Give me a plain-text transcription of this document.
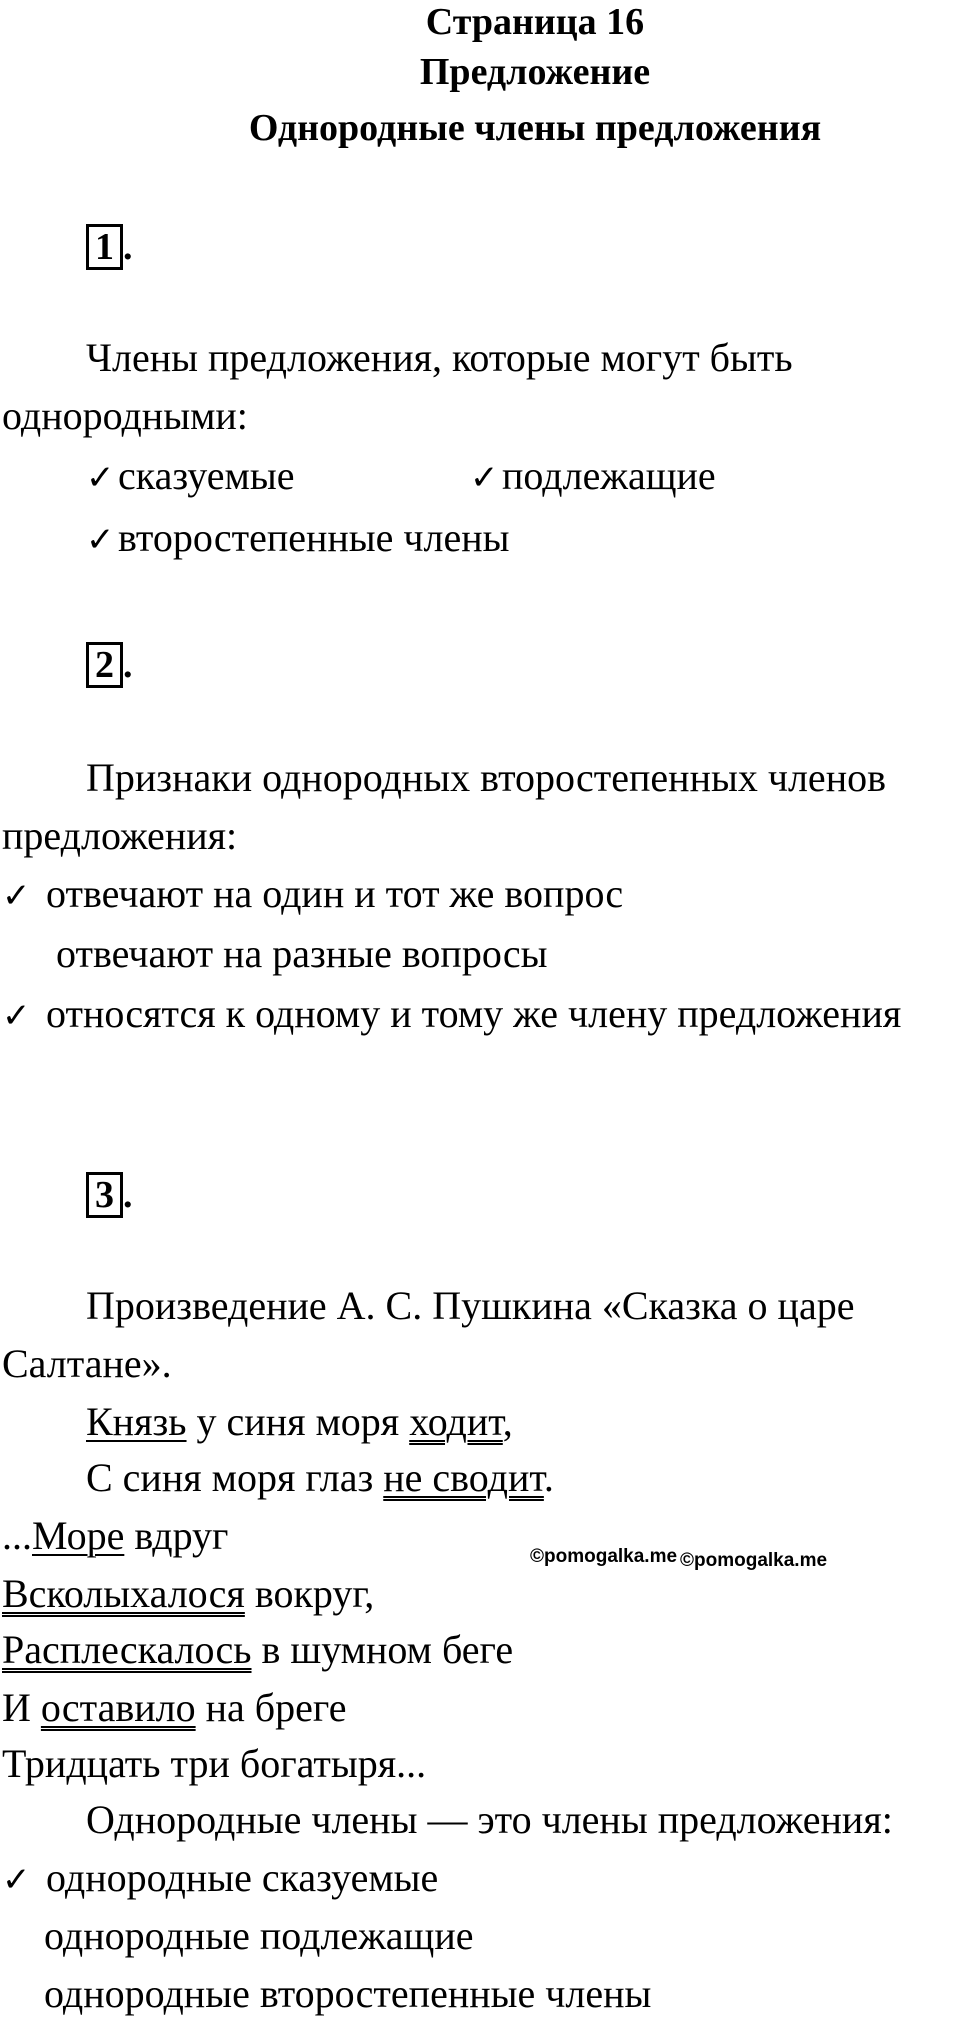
Страница 16
Предложение
Однородные члены предложения
1 .
Члены предложения, которые могут быть
однородными:
✓сказуемые	✓подлежащие
✓второстепенные члены
2 .
Признаки однородных второстепенных членов
предложения:
✓ отвечают на один и тот же вопрос
отвечают на разные вопросы
✓ относятся к одному и тому же члену предложения
3 .
Произведение А. С. Пушкина «Сказка о царе
Салтане».
Князь у синя моря ходит,
С синя моря глаз не сводит.
...Море вдруг
Всколыхалося вокруг,
Расплескалось в шумном беге
И оставило на бреге
Тридцать три богатыря...
©pomogalka.me ©pomogalka.me
Однородные члены — это члены предложения:
✓ однородные сказуемые
однородные подлежащие
однородные второстепенные члены
